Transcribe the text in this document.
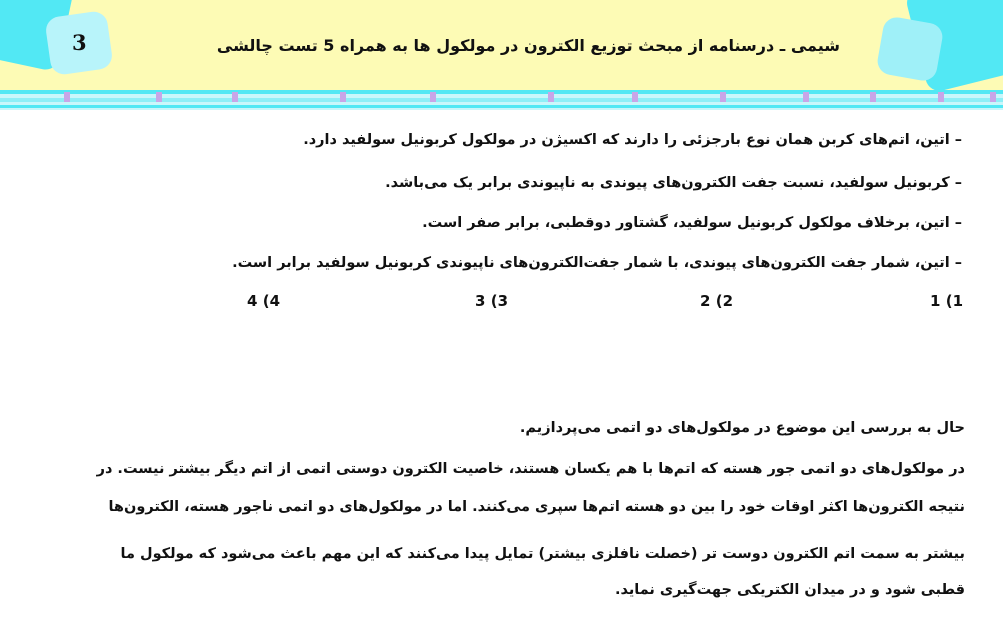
3	شیمی ـ درسنامه از مبحث توزیع الکترون در مولکول ها به همراه 5 تست چالشی
– اتین، اتم‌های کربن همان نوع بارجزئی را دارند که اکسیژن در مولکول کربونیل سولفید دارد.
– کربونیل سولفید، نسبت جفت الکترون‌های پیوندی به ناپیوندی برابر یک می‌باشد.
– اتین، برخلاف مولکول کربونیل سولفید، گشتاور دوقطبی، برابر صفر است.
– اتین، شمار جفت الکترون‌های پیوندی، با شمار جفت‌الکترون‌های ناپیوندی کربونیل سولفید برابر است.
1) 1
2) 2
3) 3
4) 4
حال به بررسی این موضوع در مولکول‌های دو اتمی می‌پردازیم.
در مولکول‌های دو اتمی جور هسته که اتم‌ها با هم یکسان هستند، خاصیت الکترون دوستی اتمی از اتم دیگر بیشتر نیست. در
نتیجه الکترون‌ها اکثر اوقات خود را بین دو هسته اتم‌ها سپری می‌کنند. اما در مولکول‌های دو اتمی ناجور هسته، الکترون‌ها
بیشتر به سمت اتم الکترون دوست تر (خصلت نافلزی بیشتر) تمایل پیدا می‌کنند که این مهم باعث می‌شود که مولکول ما
قطبی شود و در میدان الکتریکی جهت‌گیری نماید.
